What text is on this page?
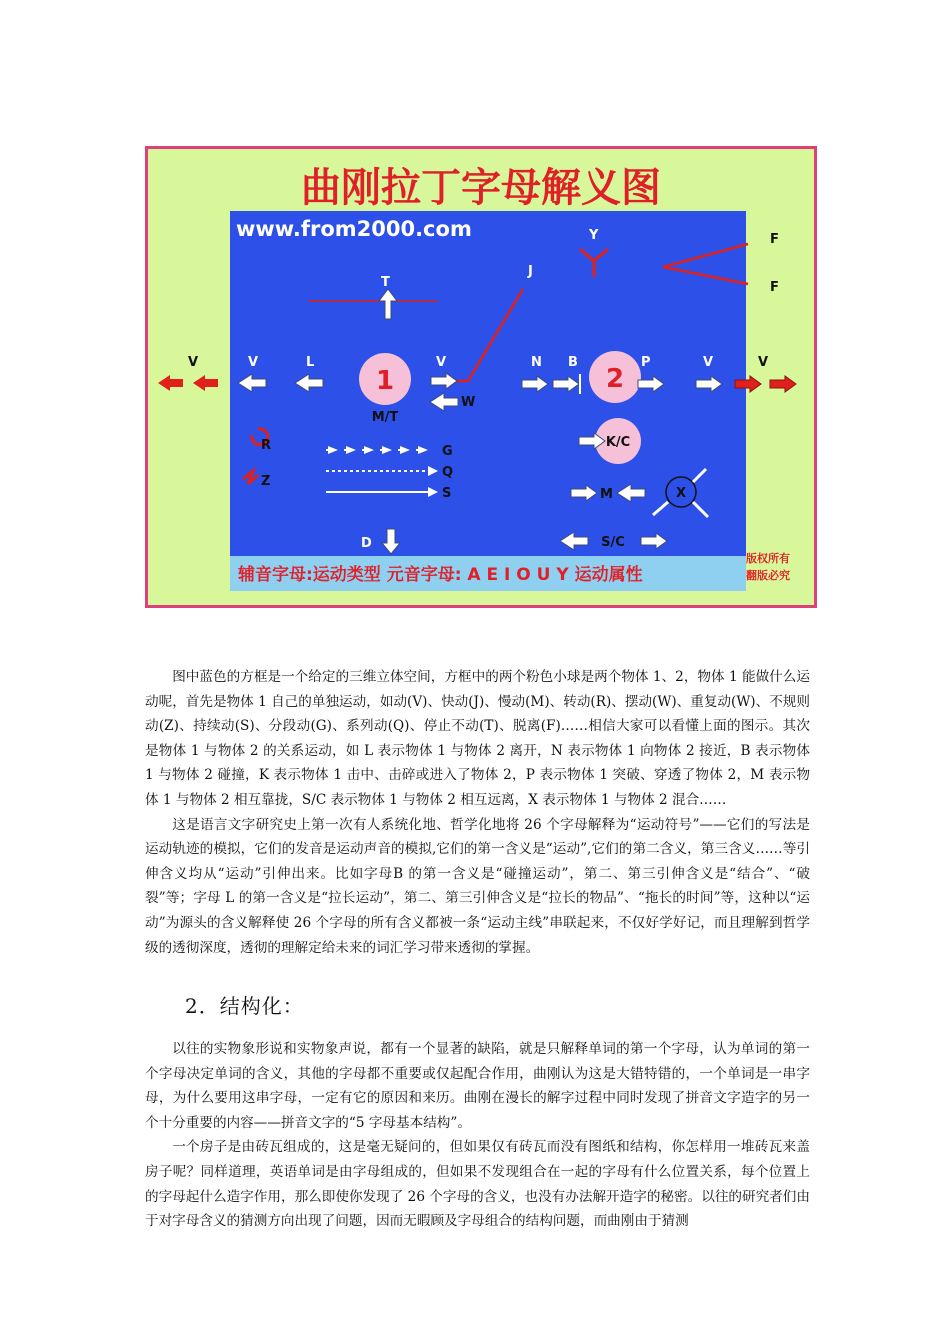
曲刚拉丁字母解义图
www.from2000.com
T
1
M/T
2
K/C
X
Y	F
F
J
V	V	L	V
W
N B	P	V	V
R
Z
G
Q
S	M
D	S/C
辅音字母:运动类型 元音字母: A E I O U Y 运动属性
版权所有
翻版必究

图中蓝色的方框是一个给定的三维立体空间，方框中的两个粉色小球是两个物体 1、2，物体 1 能做什么运动呢，首先是物体 1 自己的单独运动，如动(V)、快动(J)、慢动(M)、转动(R)、摆动(W)、重复动(W)、不规则动(Z)、持续动(S)、分段动(G)、系列动(Q)、停止不动(T)、脱离(F)……相信大家可以看懂上面的图示。其次是物体 1 与物体 2 的关系运动，如 L 表示物体 1 与物体 2 离开，N 表示物体 1 向物体 2 接近，B 表示物体 1 与物体 2 碰撞，K 表示物体 1 击中、击碎或进入了物体 2，P 表示物体 1 突破、穿透了物体 2，M 表示物体 1 与物体 2 相互靠拢，S/C 表示物体 1 与物体 2 相互远离，X 表示物体 1 与物体 2 混合……

这是语言文字研究史上第一次有人系统化地、哲学化地将 26 个字母解释为“运动符号”——它们的写法是运动轨迹的模拟，它们的发音是运动声音的模拟,它们的第一含义是“运动”,它们的第二含义，第三含义……等引伸含义均从“运动”引伸出来。比如字母B 的第一含义是“碰撞运动”，第二、第三引伸含义是“结合”、“破裂”等；字母 L 的第一含义是“拉长运动”，第二、第三引伸含义是“拉长的物品”、“拖长的时间”等，这种以“运动”为源头的含义解释使 26 个字母的所有含义都被一条“运动主线”串联起来，不仅好学好记，而且理解到哲学级的透彻深度，透彻的理解定给未来的词汇学习带来透彻的掌握。

2．结构化：

以往的实物象形说和实物象声说，都有一个显著的缺陷，就是只解释单词的第一个字母，认为单词的第一个字母决定单词的含义，其他的字母都不重要或仅起配合作用，曲刚认为这是大错特错的，一个单词是一串字母，为什么要用这串字母，一定有它的原因和来历。曲刚在漫长的解字过程中同时发现了拼音文字造字的另一个十分重要的内容——拼音文字的“5 字母基本结构”。

一个房子是由砖瓦组成的，这是毫无疑问的，但如果仅有砖瓦而没有图纸和结构，你怎样用一堆砖瓦来盖房子呢？同样道理，英语单词是由字母组成的，但如果不发现组合在一起的字母有什么位置关系，每个位置上的字母起什么造字作用，那么即使你发现了 26 个字母的含义，也没有办法解开造字的秘密。以往的研究者们由于对字母含义的猜测方向出现了问题，因而无暇顾及字母组合的结构问题，而曲刚由于猜测
